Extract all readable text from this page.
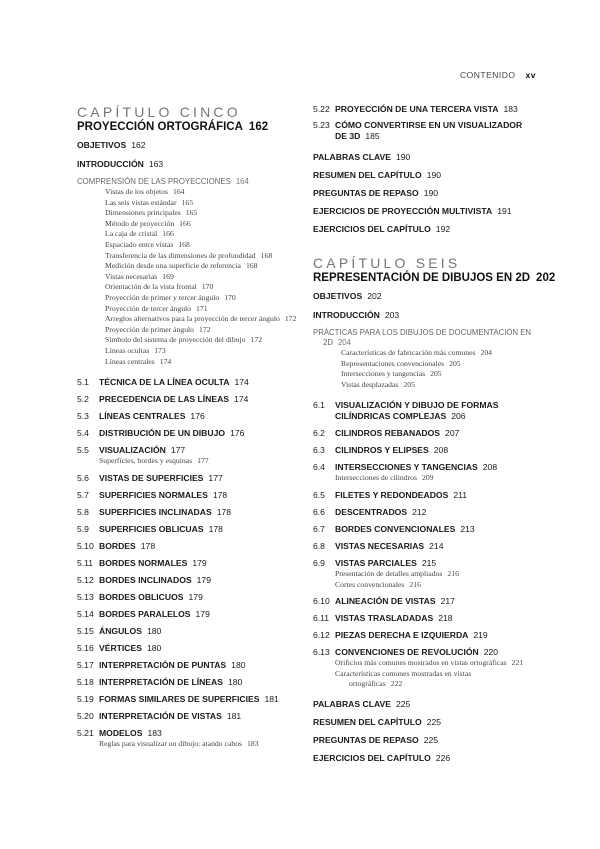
CONTENIDO xv
CAPÍTULO CINCO
PROYECCIÓN ORTOGRÁFICA 162
OBJETIVOS 162
INTRODUCCIÓN 163
COMPRENSIÓN DE LAS PROYECCIONES 164
Vistas de los objetos 164
Las seis vistas estándar 165
Dimensiones principales 165
Método de proyección 166
La caja de cristal 166
Espaciado entre vistas 168
Transferencia de las dimensiones de profundidad 168
Medición desde una superficie de referencia 168
Vistas necesarias 169
Orientación de la vista frontal 170
Proyección de primer y tercer ángulo 170
Proyección de tercer ángulo 171
Arreglos alternativos para la proyección de tercer ángulo 172
Proyección de primer ángulo 172
Símbolo del sistema de proyección del dibujo 172
Líneas ocultas 173
Líneas centrales 174
5.1	TÉCNICA DE LA LÍNEA OCULTA 174
5.2	PRECEDENCIA DE LAS LÍNEAS 174
5.3	LÍNEAS CENTRALES 176
5.4	DISTRIBUCIÓN DE UN DIBUJO 176
5.5	VISUALIZACIÓN 177
Superficies, bordes y esquinas 177
5.6	VISTAS DE SUPERFICIES 177
5.7	SUPERFICIES NORMALES 178
5.8	SUPERFICIES INCLINADAS 178
5.9	SUPERFICIES OBLICUAS 178
5.10 BORDES 178
5.11 BORDES NORMALES 179
5.12 BORDES INCLINADOS 179
5.13 BORDES OBLICUOS 179
5.14 BORDES PARALELOS 179
5.15 ÁNGULOS 180
5.16 VÉRTICES 180
5.17 INTERPRETACIÓN DE PUNTAS 180
5.18 INTERPRETACIÓN DE LÍNEAS 180
5.19 FORMAS SIMILARES DE SUPERFICIES 181
5.20 INTERPRETACIÓN DE VISTAS 181
5.21 MODELOS 183
Reglas para visualizar un dibujo: atando cabos 183
5.22 PROYECCIÓN DE UNA TERCERA VISTA 183
5.23 CÓMO CONVERTIRSE EN UN VISUALIZADOR DE 3D 185
PALABRAS CLAVE 190
RESUMEN DEL CAPÍTULO 190
PREGUNTAS DE REPASO 190
EJERCICIOS DE PROYECCIÓN MULTIVISTA 191
EJERCICIOS DEL CAPÍTULO 192
CAPÍTULO SEIS
REPRESENTACIÓN DE DIBUJOS EN 2D 202
OBJETIVOS 202
INTRODUCCIÓN 203
PRÁCTICAS PARA LOS DIBUJOS DE DOCUMENTACIÓN EN 2D 204
Características de fabricación más comunes 204
Representaciones convencionales 205
Intersecciones y tangencias 205
Vistas desplazadas 205
6.1	VISUALIZACIÓN Y DIBUJO DE FORMAS CILÍNDRICAS COMPLEJAS 206
6.2	CILINDROS REBANADOS 207
6.3	CILINDROS Y ELIPSES 208
6.4	INTERSECCIONES Y TANGENCIAS 208
Intersecciones de cilindros 209
6.5	FILETES Y REDONDEADOS 211
6.6	DESCENTRADOS 212
6.7	BORDES CONVENCIONALES 213
6.8	VISTAS NECESARIAS 214
6.9	VISTAS PARCIALES 215
Presentación de detalles ampliados 216
Cortes convencionales 216
6.10 ALINEACIÓN DE VISTAS 217
6.11 VISTAS TRASLADADAS 218
6.12 PIEZAS DERECHA E IZQUIERDA 219
6.13 CONVENCIONES DE REVOLUCIÓN 220
Orificios más comunes mostrados en vistas ortográficas 221
Características comunes mostradas en vistas ortográficas 222
PALABRAS CLAVE 225
RESUMEN DEL CAPÍTULO 225
PREGUNTAS DE REPASO 225
EJERCICIOS DEL CAPÍTULO 226
